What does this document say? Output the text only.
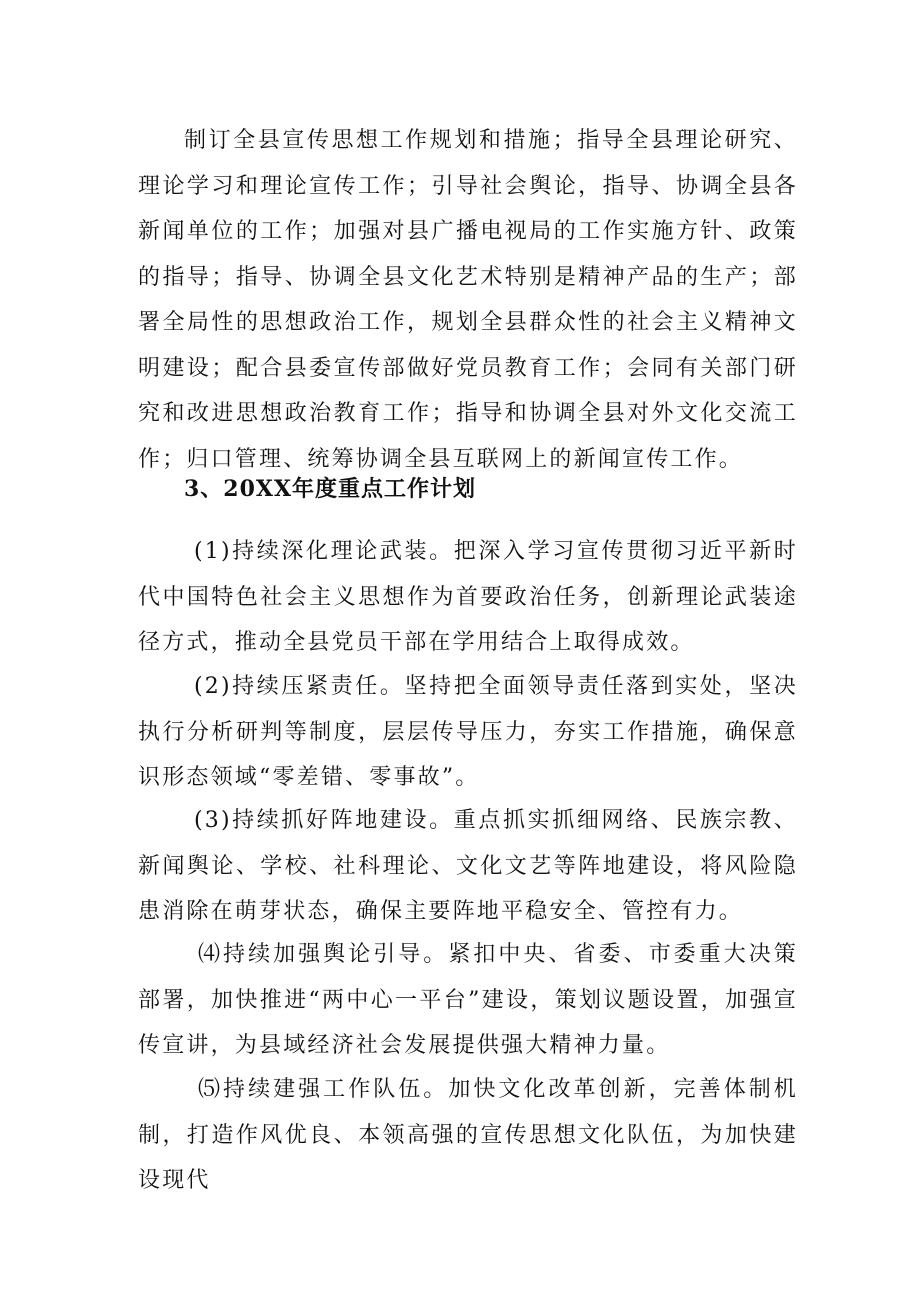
制订全县宣传思想工作规划和措施；指导全县理论研究、理论学习和理论宣传工作；引导社会舆论，指导、协调全县各新闻单位的工作；加强对县广播电视局的工作实施方针、政策的指导；指导、协调全县文化艺术特别是精神产品的生产；部署全局性的思想政治工作，规划全县群众性的社会主义精神文明建设；配合县委宣传部做好党员教育工作；会同有关部门研究和改进思想政治教育工作；指导和协调全县对外文化交流工作；归口管理、统筹协调全县互联网上的新闻宣传工作。

3、20XX年度重点工作计划

(1)持续深化理论武装。把深入学习宣传贯彻习近平新时代中国特色社会主义思想作为首要政治任务，创新理论武装途径方式，推动全县党员干部在学用结合上取得成效。

(2)持续压紧责任。坚持把全面领导责任落到实处，坚决执行分析研判等制度，层层传导压力，夯实工作措施，确保意识形态领域“零差错、零事故”。

(3)持续抓好阵地建设。重点抓实抓细网络、民族宗教、新闻舆论、学校、社科理论、文化文艺等阵地建设，将风险隐患消除在萌芽状态，确保主要阵地平稳安全、管控有力。

⑷持续加强舆论引导。紧扣中央、省委、市委重大决策部署，加快推进“两中心一平台”建设，策划议题设置，加强宣传宣讲，为县域经济社会发展提供强大精神力量。

⑸持续建强工作队伍。加快文化改革创新，完善体制机制，打造作风优良、本领高强的宣传思想文化队伍，为加快建设现代
